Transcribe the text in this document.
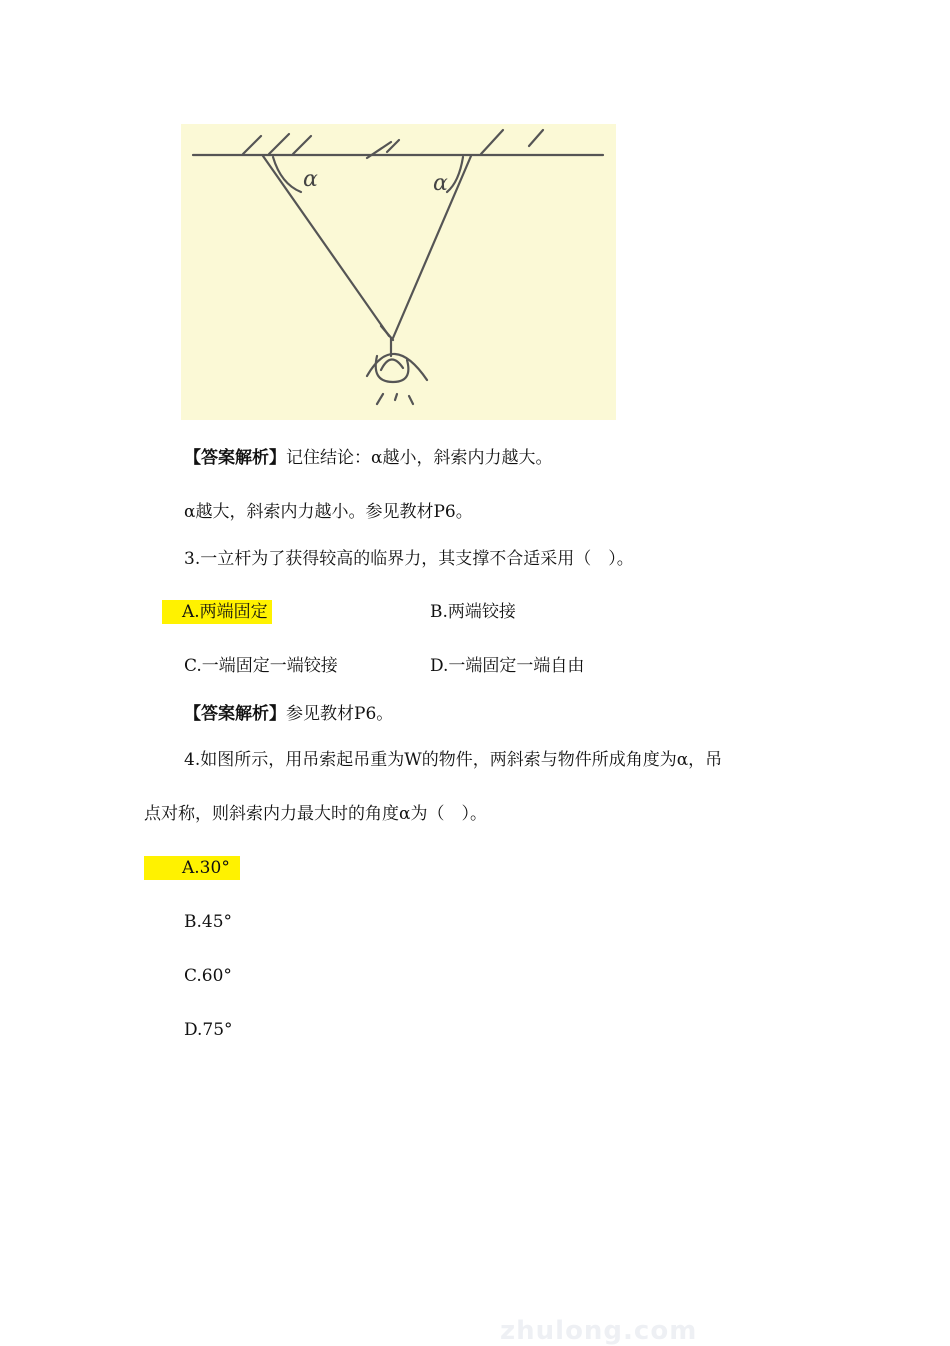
α	α
【答案解析】记住结论：α越小，斜索内力越大。
α越大，斜索内力越小。参见教材P6。
3.一立杆为了获得较高的临界力，其支撑不合适采用（　）。
A.两端固定	B.两端铰接
C.一端固定一端铰接	D.一端固定一端自由
【答案解析】参见教材P6。
4.如图所示，用吊索起吊重为W的物件，两斜索与物件所成角度为α，吊
点对称，则斜索内力最大时的角度α为（　）。
A.30°
B.45°
C.60°
D.75°
zhulong.com
